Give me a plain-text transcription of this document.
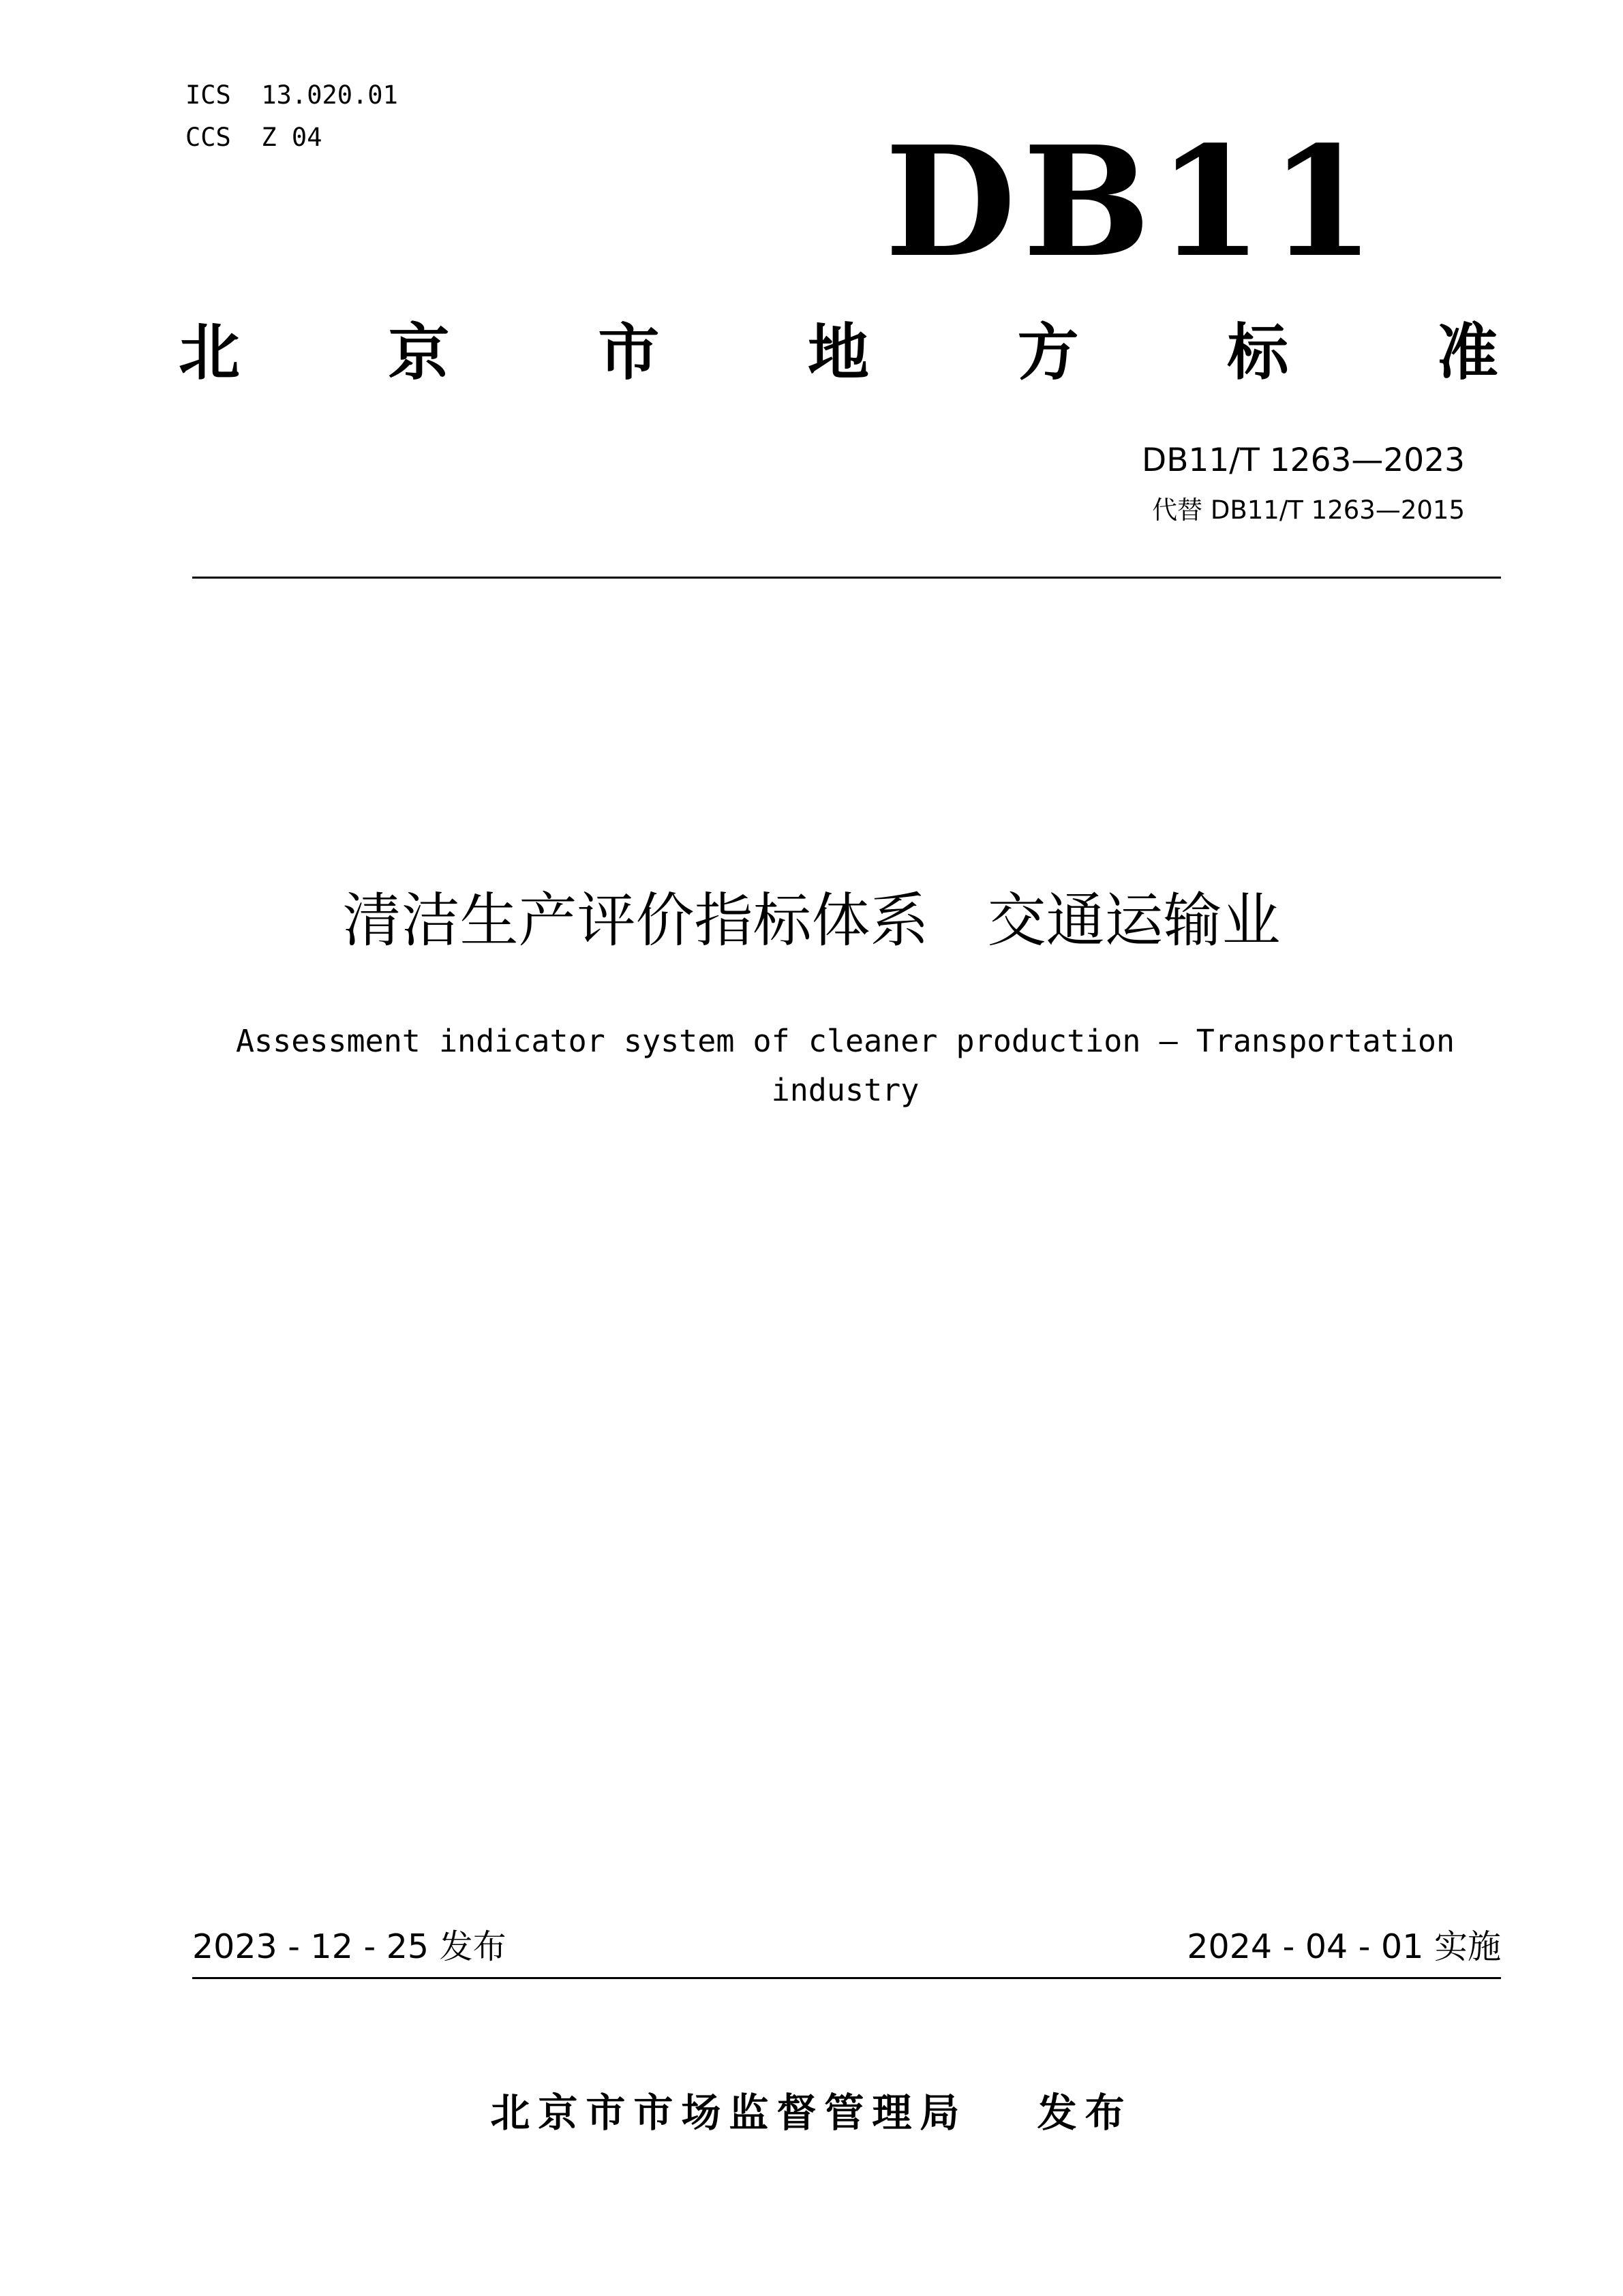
ICS  13.020.01
CCS  Z 04	DB11
北 京 市 地 方 标 准
DB11/T 1263—2023
代替 DB11/T 1263—2015
清洁生产评价指标体系　交通运输业
Assessment indicator system of cleaner production — Transportation industry
2023 - 12 - 25 发布	2024 - 04 - 01 实施
北京市市场监督管理局　 发布
